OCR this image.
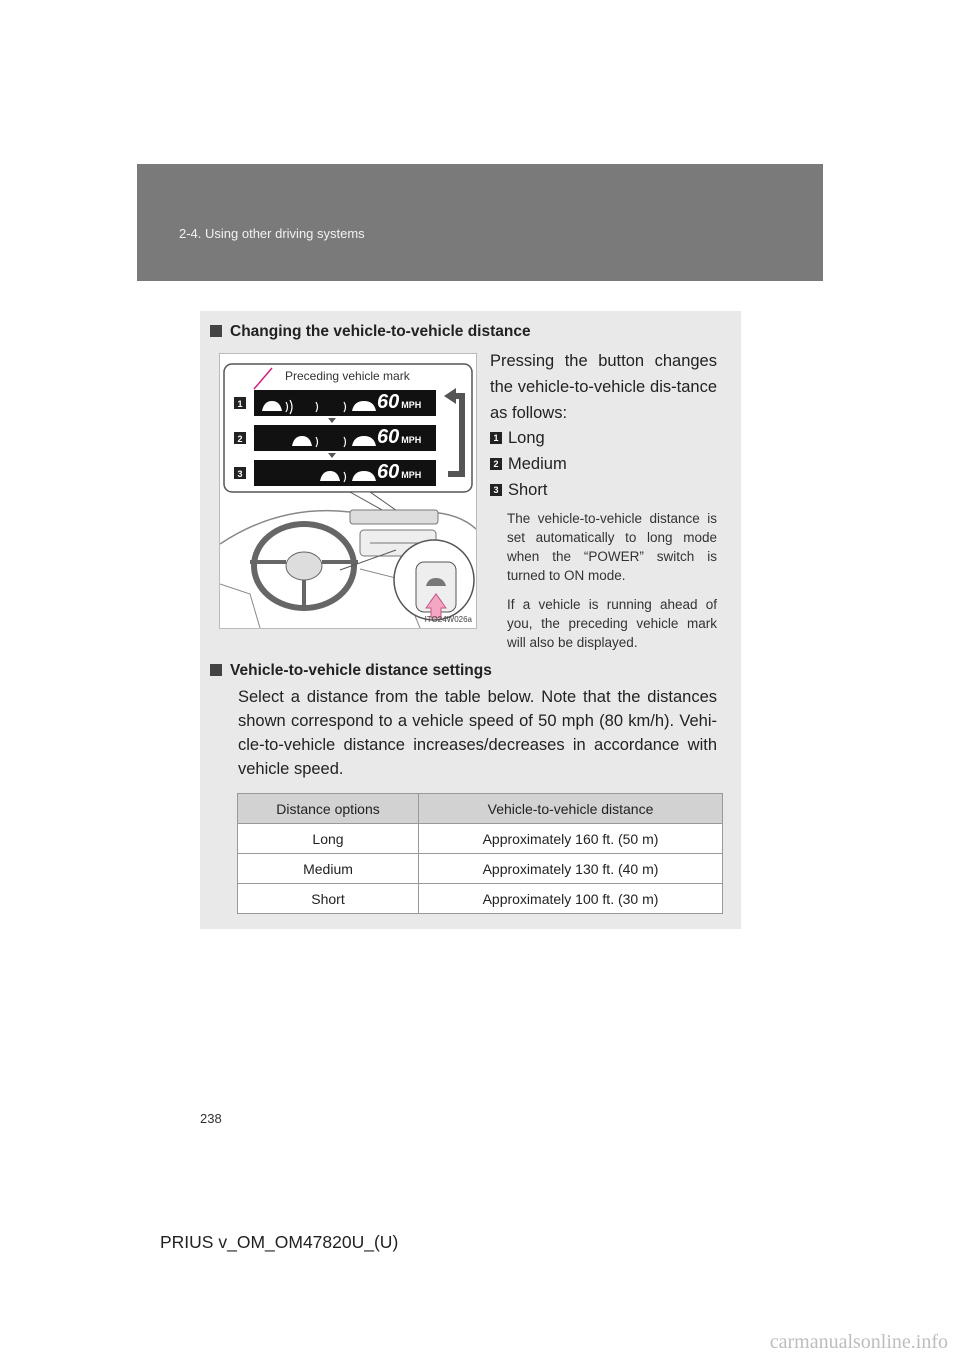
2-4. Using other driving systems
Changing the vehicle-to-vehicle distance
1
2
3
Preceding vehicle mark
60 MPH
60 MPH
60 MPH
ITO24W026a
Pressing the button changes the vehicle-to-vehicle dis-tance as follows:
1 Long
2 Medium
3 Short
The vehicle-to-vehicle distance is set automatically to long mode when the “POWER” switch is turned to ON mode.
If a vehicle is running ahead of you, the preceding vehicle mark will also be displayed.
Vehicle-to-vehicle distance settings
Select a distance from the table below. Note that the distances shown correspond to a vehicle speed of 50 mph (80 km/h). Vehi-cle-to-vehicle distance increases/decreases in accordance with vehicle speed.
Distance options	Vehicle-to-vehicle distance
Long	Approximately 160 ft. (50 m)
Medium	Approximately 130 ft. (40 m)
Short	Approximately 100 ft. (30 m)
238
PRIUS v_OM_OM47820U_(U)
carmanualsonline.info
